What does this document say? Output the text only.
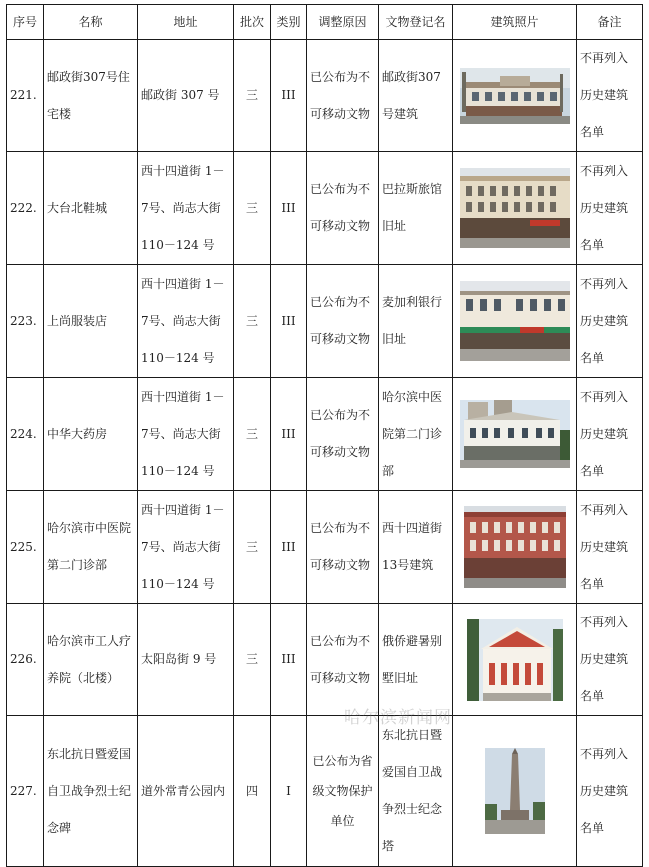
序号	名称	地址	批次	类别	调整原因	文物登记名	建筑照片	备注
221.	邮政街307号住宅楼	邮政街 307 号	三	III	已公布为不可移动文物	邮政街307号建筑		不再列入历史建筑名单
222.	大台北鞋城	西十四道街 1－7号、尚志大街 110－124 号	三	III	已公布为不可移动文物	巴拉斯旅馆旧址		不再列入历史建筑名单
223.	上尚服装店	西十四道街 1－7号、尚志大街 110－124 号	三	III	已公布为不可移动文物	麦加利银行旧址		不再列入历史建筑名单
224.	中华大药房	西十四道街 1－7号、尚志大街 110－124 号	三	III	已公布为不可移动文物	哈尔滨中医院第二门诊部		不再列入历史建筑名单
225.	哈尔滨市中医院第二门诊部	西十四道街 1－7号、尚志大街 110－124 号	三	III	已公布为不可移动文物	西十四道街13号建筑		不再列入历史建筑名单
226.	哈尔滨市工人疗养院（北楼）	太阳岛街 9 号	三	III	已公布为不可移动文物	俄侨避暑别墅旧址		不再列入历史建筑名单
227.	东北抗日暨爱国自卫战争烈士纪念碑	道外常青公园内	四	I	已公布为省级文物保护单位	东北抗日暨爱国自卫战争烈士纪念塔		不再列入历史建筑名单
哈尔滨新闻网
